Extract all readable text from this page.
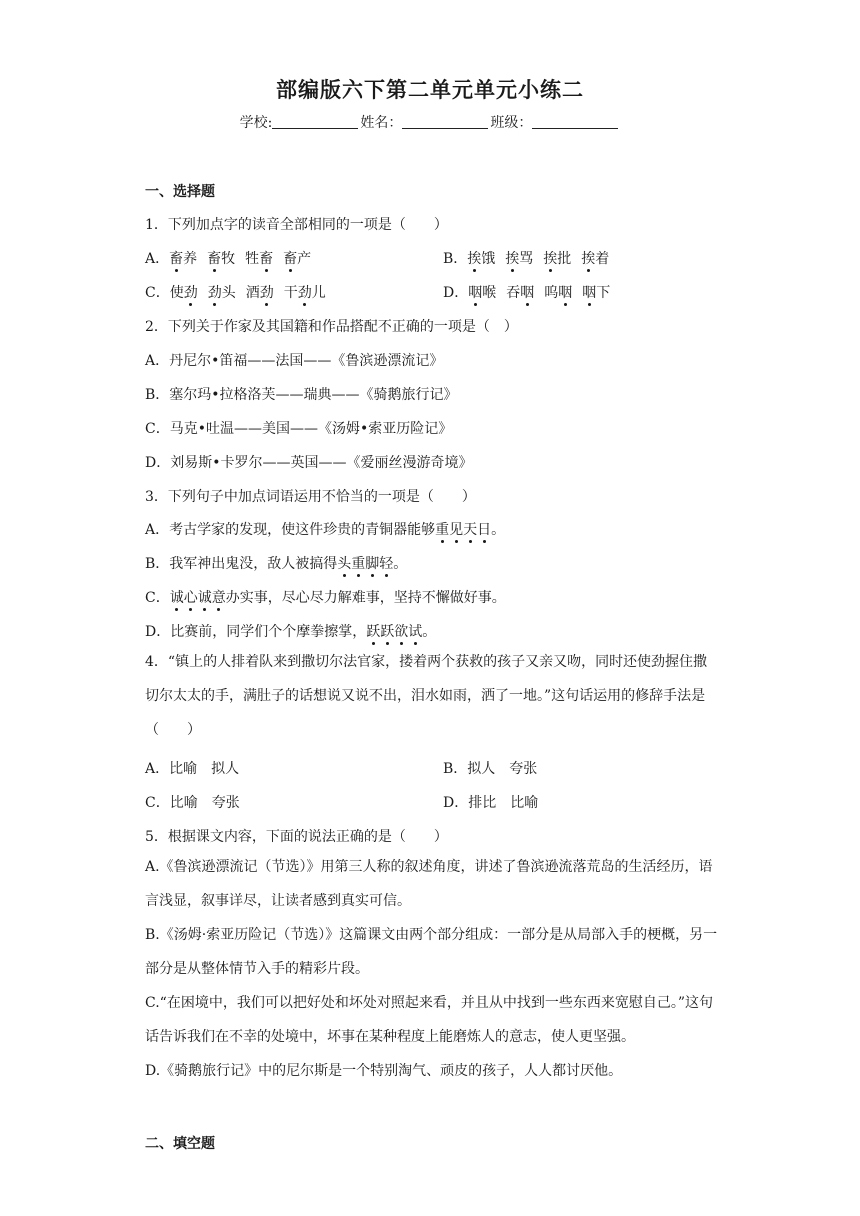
部编版六下第二单元单元小练二
学校:	姓名：	班级：
一、选择题
1．下列加点字的读音全部相同的一项是（　　）
A．畜养 畜牧 牲畜 畜产	B．挨饿 挨骂 挨批 挨着
C．使劲 劲头 酒劲 干劲儿	D．咽喉 吞咽 呜咽 咽下
2．下列关于作家及其国籍和作品搭配不正确的一项是（　）
A．丹尼尔•笛福——法国——《鲁滨逊漂流记》
B．塞尔玛•拉格洛芙——瑞典——《骑鹅旅行记》
C．马克•吐温——美国——《汤姆•索亚历险记》
D．刘易斯•卡罗尔——英国——《爱丽丝漫游奇境》
3．下列句子中加点词语运用不恰当的一项是（　　）
A．考古学家的发现，使这件珍贵的青铜器能够重见天日。
B．我军神出鬼没，敌人被搞得头重脚轻。
C．诚心诚意办实事，尽心尽力解难事，坚持不懈做好事。
D．比赛前，同学们个个摩拳擦掌，跃跃欲试。
4．“镇上的人排着队来到撒切尔法官家，搂着两个获救的孩子又亲又吻，同时还使劲握住撒切尔太太的手，满肚子的话想说又说不出，泪水如雨，洒了一地。”这句话运用的修辞手法是（　　）
A．比喻　拟人	B．拟人　夸张
C．比喻　夸张	D．排比　比喻
5．根据课文内容，下面的说法正确的是（　　）
A.《鲁滨逊漂流记（节选）》用第三人称的叙述角度，讲述了鲁滨逊流落荒岛的生活经历，语言浅显，叙事详尽，让读者感到真实可信。
B.《汤姆·索亚历险记（节选）》这篇课文由两个部分组成：一部分是从局部入手的梗概，另一部分是从整体情节入手的精彩片段。
C.“在困境中，我们可以把好处和坏处对照起来看，并且从中找到一些东西来宽慰自己。”这句话告诉我们在不幸的处境中，坏事在某种程度上能磨炼人的意志，使人更坚强。
D.《骑鹅旅行记》中的尼尔斯是一个特别淘气、顽皮的孩子，人人都讨厌他。
二、填空题
